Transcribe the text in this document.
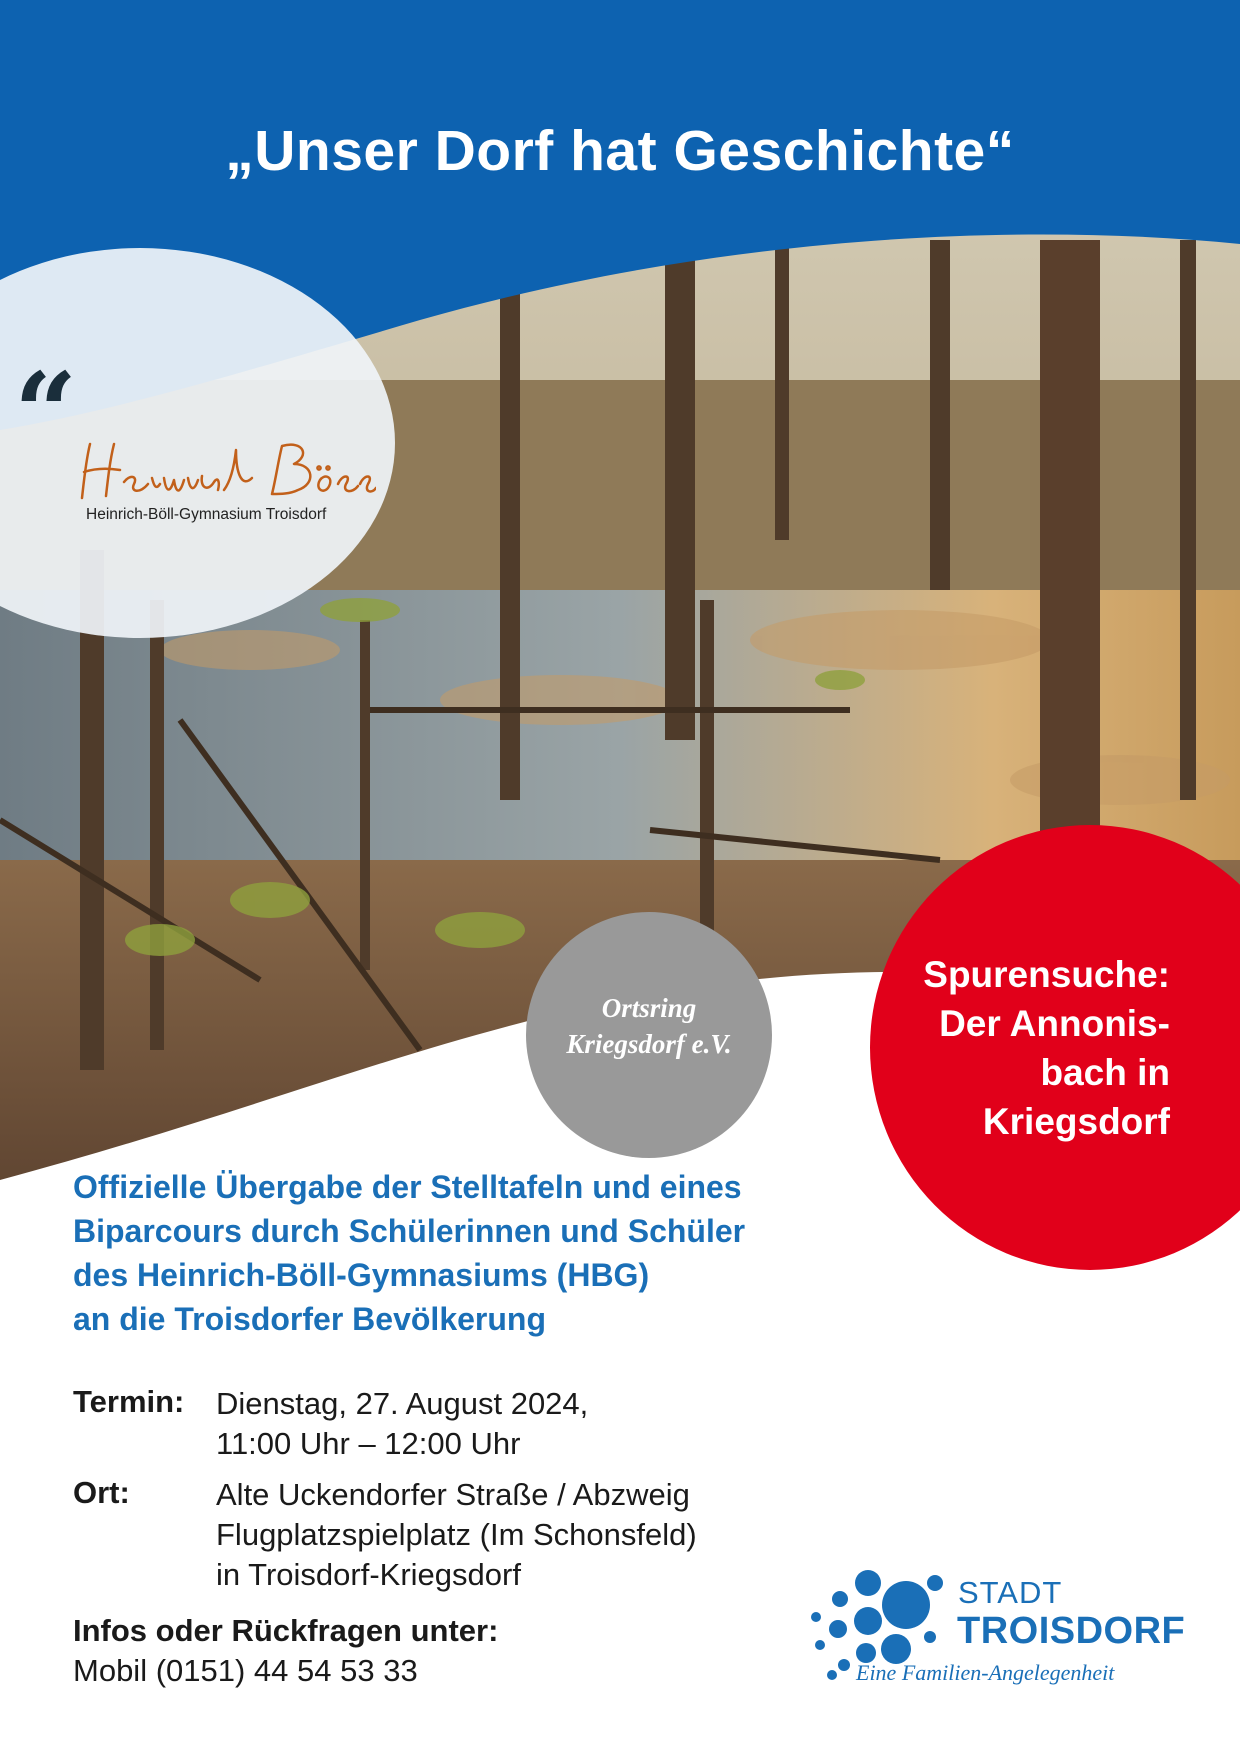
„Unser Dorf hat Geschichte“
“
Heinrich-Böll-Gymnasium Troisdorf
Spurensuche:
Der Annonis-
bach in
Kriegsdorf
Ortsring
Kriegsdorf e.V.
Offizielle Übergabe der Stelltafeln und eines
Biparcours durch Schülerinnen und Schüler
des Heinrich-Böll-Gymnasiums (HBG)
an die Troisdorfer Bevölkerung
Termin: Dienstag, 27. August 2024,
11:00 Uhr – 12:00 Uhr
Ort:	Alte Uckendorfer Straße / Abzweig
Flugplatzspielplatz (Im Schonsfeld)
in Troisdorf-Kriegsdorf
Infos oder Rückfragen unter:
Mobil (0151) 44 54 53 33
STADT
TROISDORF
Eine Familien-Angelegenheit
